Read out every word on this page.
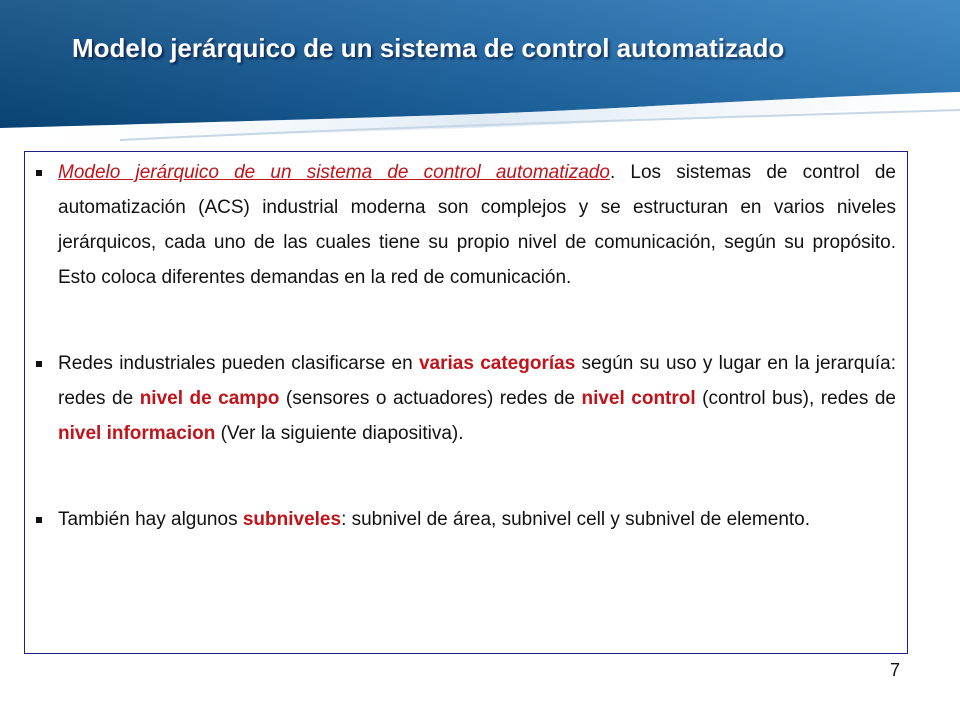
Modelo jerárquico de un sistema de control automatizado
Modelo jerárquico de un sistema de control automatizado. Los sistemas de control de automatización (ACS) industrial moderna son complejos y se estructuran en varios niveles jerárquicos, cada uno de las cuales tiene su propio nivel de comunicación, según su propósito. Esto coloca diferentes demandas en la red de comunicación.
Redes industriales pueden clasificarse en varias categorías según su uso y lugar en la jerarquía: redes de nivel de campo (sensores o actuadores) redes de nivel control (control bus), redes de nivel informacion (Ver la siguiente diapositiva).
También hay algunos subniveles: subnivel de área, subnivel cell y subnivel de elemento.
7
